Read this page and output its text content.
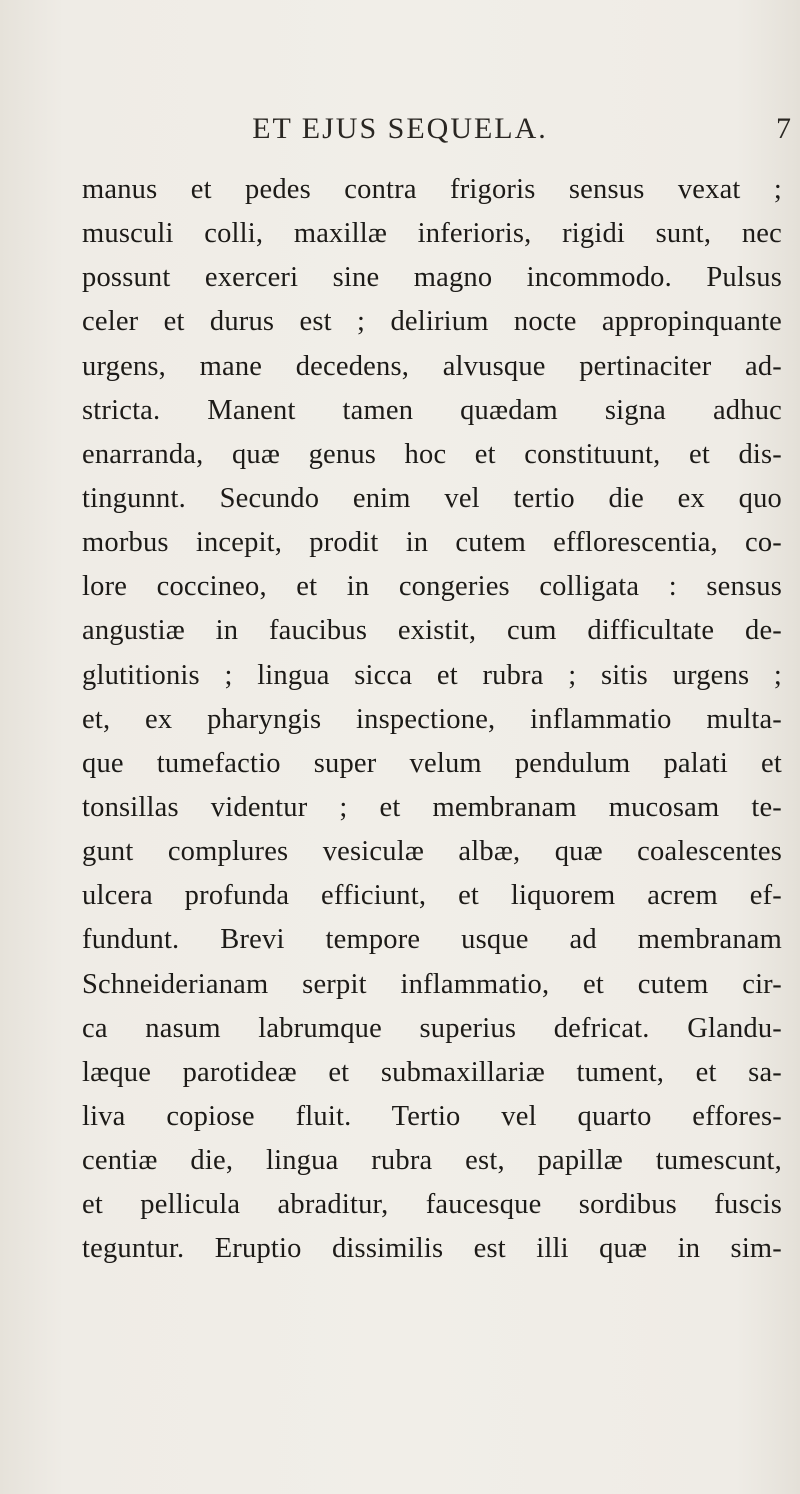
ET EJUS SEQUELA.	7
manus et pedes contra frigoris sensus vexat ;
musculi colli, maxillæ inferioris, rigidi sunt, nec
possunt exerceri sine magno incommodo. Pulsus
celer et durus est ; delirium nocte appropinquante
urgens, mane decedens, alvusque pertinaciter ad-
stricta. Manent tamen quædam signa adhuc
enarranda, quæ genus hoc et constituunt, et dis-
tingunnt. Secundo enim vel tertio die ex quo
morbus incepit, prodit in cutem efflorescentia, co-
lore coccineo, et in congeries colligata : sensus
angustiæ in faucibus existit, cum difficultate de-
glutitionis ; lingua sicca et rubra ; sitis urgens ;
et, ex pharyngis inspectione, inflammatio multa-
que tumefactio super velum pendulum palati et
tonsillas videntur ; et membranam mucosam te-
gunt complures vesiculæ albæ, quæ coalescentes
ulcera profunda efficiunt, et liquorem acrem ef-
fundunt. Brevi tempore usque ad membranam
Schneiderianam serpit inflammatio, et cutem cir-
ca nasum labrumque superius defricat. Glandu-
læque parotideæ et submaxillariæ tument, et sa-
liva copiose fluit. Tertio vel quarto effores-
centiæ die, lingua rubra est, papillæ tumescunt,
et pellicula abraditur, faucesque sordibus fuscis
teguntur. Eruptio dissimilis est illi quæ in sim-
